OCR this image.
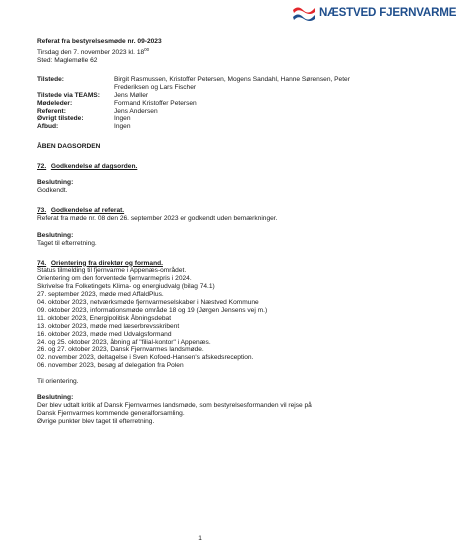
NÆSTVED FJERNVARME
Referat fra bestyrelsesmøde nr. 09-2023
Tirsdag den 7. november 2023 kl. $18^{00}$
Sted: Maglemølle 62
Tilstede:	Birgit Rasmussen, Kristoffer Petersen, Mogens Sandahl, Hanne Sørensen, Peter Frederiksen og Lars Fischer
Tilstede via TEAMS:	Jens Møller
Mødeleder:	Formand Kristoffer Petersen
Referent:	Jens Andersen
Øvrigt tilstede:	Ingen
Afbud:	Ingen
ÅBEN DAGSORDEN
72. Godkendelse af dagsorden.
Beslutning:
Godkendt.
73. Godkendelse af referat.
Referat fra møde nr. 08 den 26. september 2023 er godkendt uden bemærkninger.
Beslutning:
Taget til efterretning.
74. Orientering fra direktør og formand.
Status tilmelding til fjernvarme i Appenæs-området.
Orientering om den forventede fjernvarmepris i 2024.
Skrivelse fra Folketingets Klima- og energiudvalg (bilag 74.1)
27. september 2023, møde med AffaldPlus.
04. oktober 2023, netværksmøde fjernvarmeselskaber i Næstved Kommune
09. oktober 2023, informationsmøde område 18 og 19 (Jørgen Jensens vej m.)
11. oktober 2023, Energipolitisk Åbningsdebat
13. oktober 2023, møde med læserbrevsskribent
16. oktober 2023, møde med Udvalgsformand
24. og 25. oktober 2023, åbning af "filial-kontor" i Appenæs.
26. og 27. oktober 2023, Dansk Fjernvarmes landsmøde.
02. november 2023, deltagelse i Sven Kofoed-Hansen's afskedsreception.
06. november 2023, besøg af delegation fra Polen
Til orientering.
Beslutning:
Der blev udtalt kritik af Dansk Fjernvarmes landsmøde, som bestyrelsesformanden vil rejse på
Dansk Fjernvarmes kommende generalforsamling.
Øvrige punkter blev taget til efterretning.
1
